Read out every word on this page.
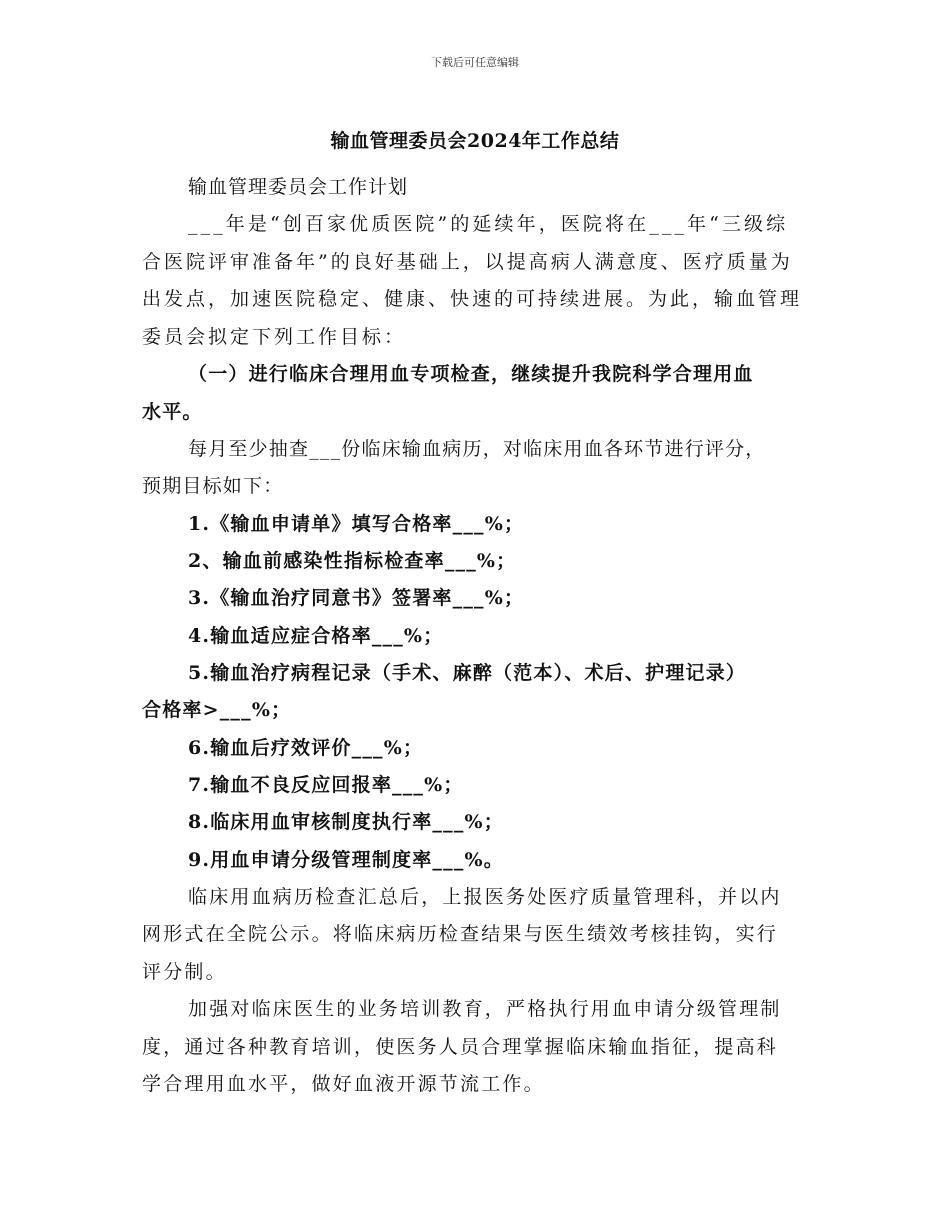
下载后可任意编辑
输血管理委员会2024年工作总结
输血管理委员会工作计划
___年是“创百家优质医院”的延续年，医院将在___年“三级综
合医院评审准备年”的良好基础上，以提高病人满意度、医疗质量为
出发点，加速医院稳定、健康、快速的可持续进展。为此，输血管理
委员会拟定下列工作目标：
（一）进行临床合理用血专项检查，继续提升我院科学合理用血
水平。
每月至少抽查___份临床输血病历，对临床用血各环节进行评分，
预期目标如下：
1.《输血申请单》填写合格率___%；
2、输血前感染性指标检查率___%；
3.《输血治疗同意书》签署率___%；
4.输血适应症合格率___%；
5.输血治疗病程记录（手术、麻醉（范本）、术后、护理记录）
合格率>___%；
6.输血后疗效评价___%；
7.输血不良反应回报率___%；
8.临床用血审核制度执行率___%；
9.用血申请分级管理制度率___%。
临床用血病历检查汇总后，上报医务处医疗质量管理科，并以内
网形式在全院公示。将临床病历检查结果与医生绩效考核挂钩，实行
评分制。
加强对临床医生的业务培训教育，严格执行用血申请分级管理制
度，通过各种教育培训，使医务人员合理掌握临床输血指征，提高科
学合理用血水平，做好血液开源节流工作。
